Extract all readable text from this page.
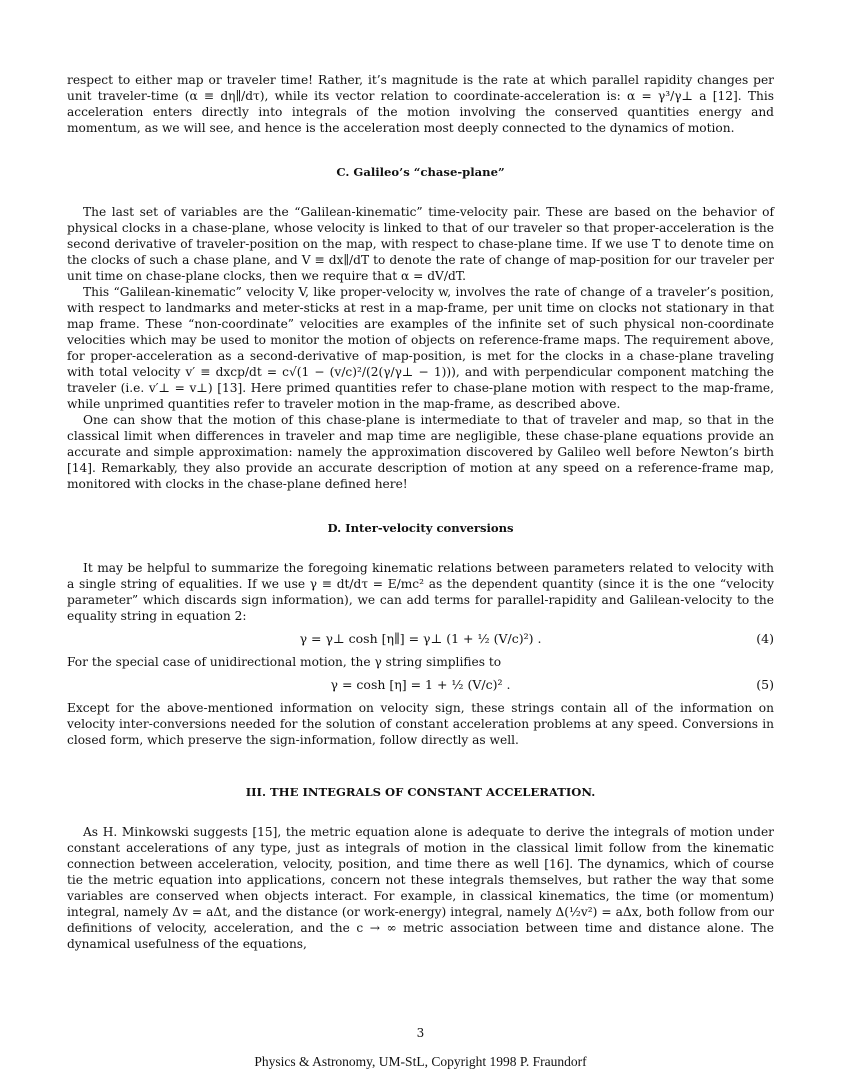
respect to either map or traveler time! Rather, it’s magnitude is the rate at which parallel rapidity changes per unit traveler-time (α ≡ dη∥/dτ), while its vector relation to coordinate-acceleration is: α = γ³/γ⊥ a [12]. This acceleration enters directly into integrals of the motion involving the conserved quantities energy and momentum, as we will see, and hence is the acceleration most deeply connected to the dynamics of motion.

C. Galileo’s “chase-plane”

The last set of variables are the “Galilean-kinematic” time-velocity pair. These are based on the behavior of physical clocks in a chase-plane, whose velocity is linked to that of our traveler so that proper-acceleration is the second derivative of traveler-position on the map, with respect to chase-plane time. If we use T to denote time on the clocks of such a chase plane, and V ≡ dx∥/dT to denote the rate of change of map-position for our traveler per unit time on chase-plane clocks, then we require that α = dV/dT.

This “Galilean-kinematic” velocity V, like proper-velocity w, involves the rate of change of a traveler’s position, with respect to landmarks and meter-sticks at rest in a map-frame, per unit time on clocks not stationary in that map frame. These “non-coordinate” velocities are examples of the infinite set of such physical non-coordinate velocities which may be used to monitor the motion of objects on reference-frame maps. The requirement above, for proper-acceleration as a second-derivative of map-position, is met for the clocks in a chase-plane traveling with total velocity v′ ≡ dxcp/dt = c√(1 − (v/c)²/(2(γ/γ⊥ − 1))), and with perpendicular component matching the traveler (i.e. v′⊥ = v⊥) [13]. Here primed quantities refer to chase-plane motion with respect to the map-frame, while unprimed quantities refer to traveler motion in the map-frame, as described above.

One can show that the motion of this chase-plane is intermediate to that of traveler and map, so that in the classical limit when differences in traveler and map time are negligible, these chase-plane equations provide an accurate and simple approximation: namely the approximation discovered by Galileo well before Newton’s birth [14]. Remarkably, they also provide an accurate description of motion at any speed on a reference-frame map, monitored with clocks in the chase-plane defined here!

D. Inter-velocity conversions

It may be helpful to summarize the foregoing kinematic relations between parameters related to velocity with a single string of equalities. If we use γ ≡ dt/dτ = E/mc² as the dependent quantity (since it is the one “velocity parameter” which discards sign information), we can add terms for parallel-rapidity and Galilean-velocity to the equality string in equation 2:

γ = γ⊥ cosh [η∥] = γ⊥ (1 + ½ (V/c)²) .	(4)

For the special case of unidirectional motion, the γ string simplifies to

γ = cosh [η] = 1 + ½ (V/c)² .	(5)

Except for the above-mentioned information on velocity sign, these strings contain all of the information on velocity inter-conversions needed for the solution of constant acceleration problems at any speed. Conversions in closed form, which preserve the sign-information, follow directly as well.

III. THE INTEGRALS OF CONSTANT ACCELERATION.

As H. Minkowski suggests [15], the metric equation alone is adequate to derive the integrals of motion under constant accelerations of any type, just as integrals of motion in the classical limit follow from the kinematic connection between acceleration, velocity, position, and time there as well [16]. The dynamics, which of course tie the metric equation into applications, concern not these integrals themselves, but rather the way that some variables are conserved when objects interact. For example, in classical kinematics, the time (or momentum) integral, namely Δv = aΔt, and the distance (or work-energy) integral, namely Δ(½v²) = aΔx, both follow from our definitions of velocity, acceleration, and the c → ∞ metric association between time and distance alone. The dynamical usefulness of the equations,

3
Physics & Astronomy, UM-StL, Copyright 1998 P. Fraundorf
